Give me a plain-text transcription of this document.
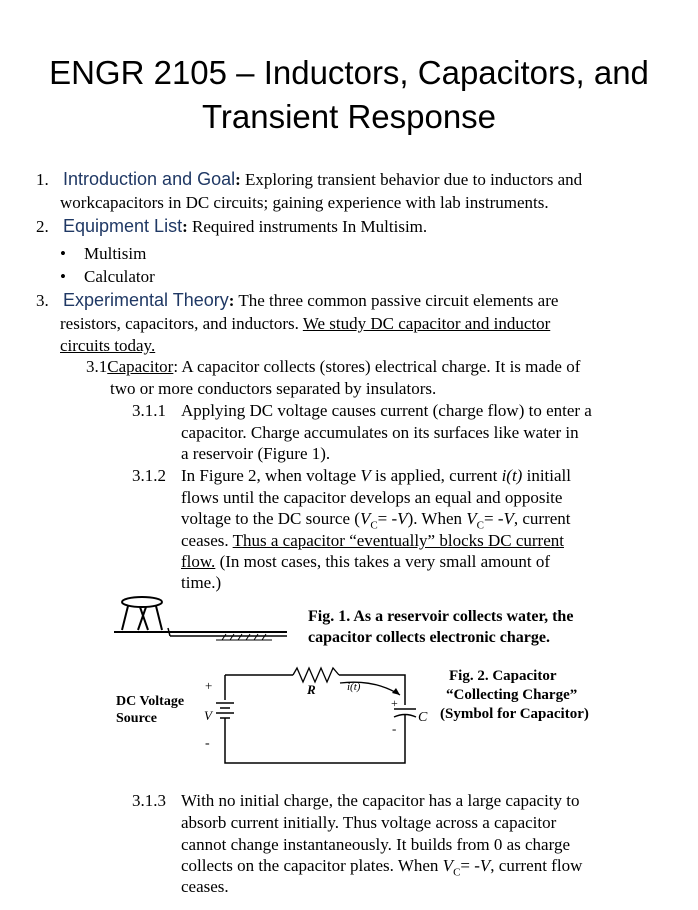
ENGR 2105 – Inductors, Capacitors, and
Transient Response
1. Introduction and Goal: Exploring transient behavior due to inductors and
workcapacitors in DC circuits; gaining experience with lab instruments.
2. Equipment List: Required instruments In Multisim.
• Multisim
• Calculator
3. Experimental Theory: The three common passive circuit elements are
resistors, capacitors, and inductors. We study DC capacitor and inductor
circuits today.
3.1Capacitor: A capacitor collects (stores) electrical charge. It is made of
two or more conductors separated by insulators.
3.1.1 Applying DC voltage causes current (charge flow) to enter a
capacitor. Charge accumulates on its surfaces like water in
a reservoir (Figure 1).
3.1.2 In Figure 2, when voltage V is applied, current i(t) initiall
flows until the capacitor develops an equal and opposite
voltage to the DC source $(V_C= -V)$. When $V_C= -V$, current
ceases. Thus a capacitor “eventually” blocks DC current
flow. (In most cases, this takes a very small amount of
time.)
Fig. 1. As a reservoir collects water, the
capacitor collects electronic charge.
+
-
V
R	i(t)
+
-
C
DC Voltage
Source
Fig. 2. Capacitor
“Collecting Charge”
(Symbol for Capacitor)
3.1.3 With no initial charge, the capacitor has a large capacity to
absorb current initially. Thus voltage across a capacitor
cannot change instantaneously. It builds from 0 as charge
collects on the capacitor plates. When $V_C= -V$, current flow
ceases.
